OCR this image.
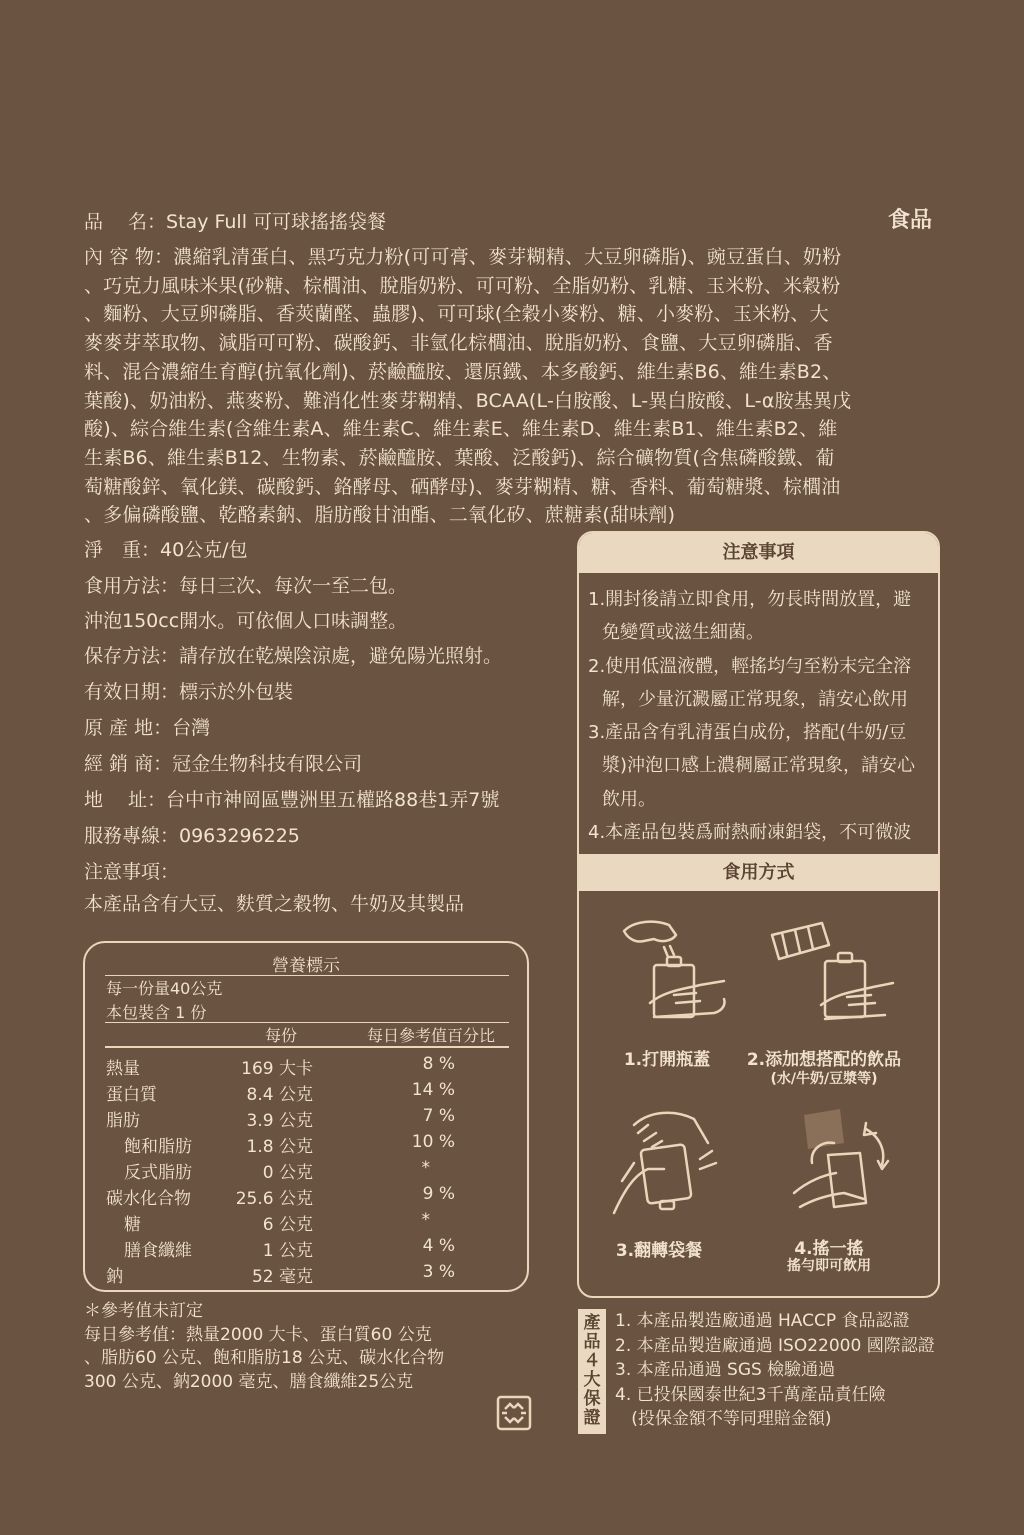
品　 名：Stay Full 可可球搖搖袋餐	食品
內 容 物：濃縮乳清蛋白、黑巧克力粉(可可膏、麥芽糊精、大豆卵磷脂)、豌豆蛋白、奶粉
、巧克力風味米果(砂糖、棕櫚油、脫脂奶粉、可可粉、全脂奶粉、乳糖、玉米粉、米穀粉
、麵粉、大豆卵磷脂、香莢蘭醛、蟲膠)、可可球(全穀小麥粉、糖、小麥粉、玉米粉、大
麥麥芽萃取物、減脂可可粉、碳酸鈣、非氫化棕櫚油、脫脂奶粉、食鹽、大豆卵磷脂、香
料、混合濃縮生育醇(抗氧化劑)、菸鹼醯胺、還原鐵、本多酸鈣、維生素B6、維生素B2、
葉酸)、奶油粉、燕麥粉、難消化性麥芽糊精、BCAA(L-白胺酸、L-異白胺酸、L-α胺基異戊
酸)、綜合維生素(含維生素A、維生素C、維生素E、維生素D、維生素B1、維生素B2、維
生素B6、維生素B12、生物素、菸鹼醯胺、葉酸、泛酸鈣)、綜合礦物質(含焦磷酸鐵、葡
萄糖酸鋅、氧化鎂、碳酸鈣、鉻酵母、硒酵母)、麥芽糊精、糖、香料、葡萄糖漿、棕櫚油
、多偏磷酸鹽、乾酪素鈉、脂肪酸甘油酯、二氧化矽、蔗糖素(甜味劑)
淨　重：40公克/包
食用方法：每日三次、每次一至二包。
沖泡150cc開水。可依個人口味調整。
保存方法：請存放在乾燥陰涼處，避免陽光照射。
有效日期：標示於外包裝
原 產 地：台灣
經 銷 商：冠金生物科技有限公司
地　 址：台中市神岡區豐洲里五權路88巷1弄7號
服務專線：0963296225
注意事項：
本產品含有大豆、麩質之穀物、牛奶及其製品
營養標示
每一份量40公克
本包裝含 1 份
每份	每日參考值百分比
熱量	169 大卡	8 %
蛋白質	8.4 公克	14 %
脂肪	3.9 公克	7 %
飽和脂肪	1.8 公克	10 %
反式脂肪	0 公克	*
碳水化合物	25.6 公克	9 %
糖	6 公克	*
膳食纖維	1 公克	4 %
鈉	52 毫克	3 %
＊參考值未訂定
每日參考值：熱量2000 大卡、蛋白質60 公克
、脂肪60 公克、飽和脂肪18 公克、碳水化合物
300 公克、鈉2000 毫克、膳食纖維25公克
注意事項
1.開封後請立即食用，勿長時間放置，避
免變質或滋生細菌。
2.使用低溫液體，輕搖均勻至粉末完全溶
解，少量沉澱屬正常現象，請安心飲用
3.產品含有乳清蛋白成份，搭配(牛奶/豆
漿)沖泡口感上濃稠屬正常現象，請安心
飲用。
4.本產品包裝爲耐熱耐凍鋁袋，不可微波
食用方式
1.打開瓶蓋	2.添加想搭配的飲品
(水/牛奶/豆漿等)
3.翻轉袋餐	4.搖一搖
搖勻即可飲用
產品４大保證
1. 本產品製造廠通過 HACCP 食品認證
2. 本產品製造廠通過 ISO22000 國際認證
3. 本產品通過 SGS 檢驗通過
4. 已投保國泰世紀3千萬產品責任險
(投保金額不等同理賠金額)
